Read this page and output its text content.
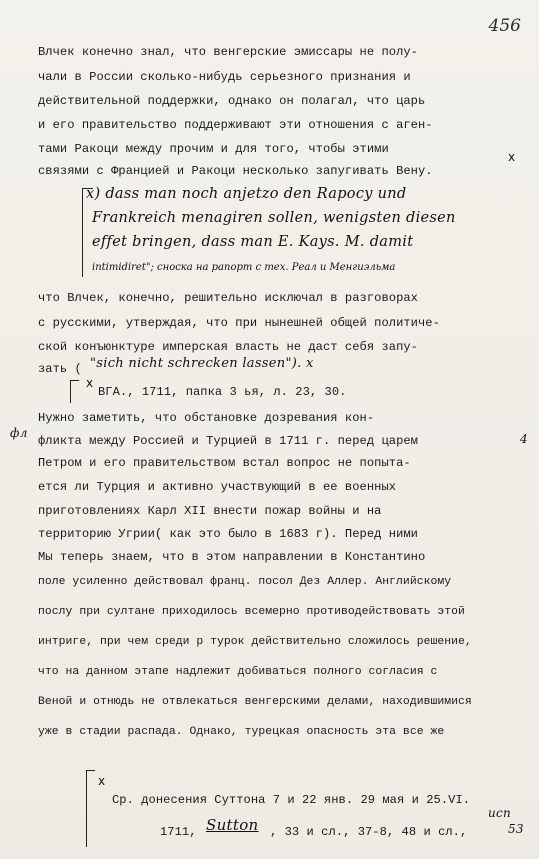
456
Влчек конечно знал, что венгерские эмиссары не полу-
чали в России сколько-нибудь серьезного признания и
действительной поддержки, однако он полагал, что царь
и его правительство поддерживают эти отношения с аген-
тами Ракоци между прочим и для того, чтобы этими
связями с Францией и Ракоци несколько запугивать Вену.
x
x) dass man noch anjetzo den Rapocy und
Frankreich menagiren sollen, wenigsten diesen
effet bringen, dass man E. Kays. M. damit
intimidiret"; сноска на рапорт с тех. Реал и Менгиэльма
что Влчек, конечно, решительно исключал в разговорах
с русскими, утверждая, что при нынешней общей политиче-
ской конъюнктуре имперская власть не даст себя запу-
зать ( "sich nicht schrecken lassen"). x
x
ВГА., 1711, папка 3 ья, л. 23, 30.
Нужно заметить, что обстановке дозревания кон-
фл
фликта между Россией и Турцией в 1711 г. перед царем	4
Петром и его правительством встал вопрос не попыта-
ется ли Турция и активно участвующий в ее военных
приготовлениях Карл XII внести пожар войны и на
территорию Угрии( как это было в 1683 г). Перед ними
Мы теперь знаем, что в этом направлении в Константино
поле усиленно действовал франц. посол Дез Аллер. Английскому
послу при султане приходилось всемерно противодействовать этой
интриге, при чем среди р турок действительно сложилось решение,
что на данном этапе надлежит добиваться полного согласия с
Веной и отнюдь не отвлекаться венгерскими делами, находившимися
уже в стадии распада. Однако, турецкая опасность эта все же
x
Ср. донесения Суттона 7 и 22 янв. 29 мая и 25.VI.
1711, Sutton , 33 и сл., 37-8, 48 и сл.,	53
исп
